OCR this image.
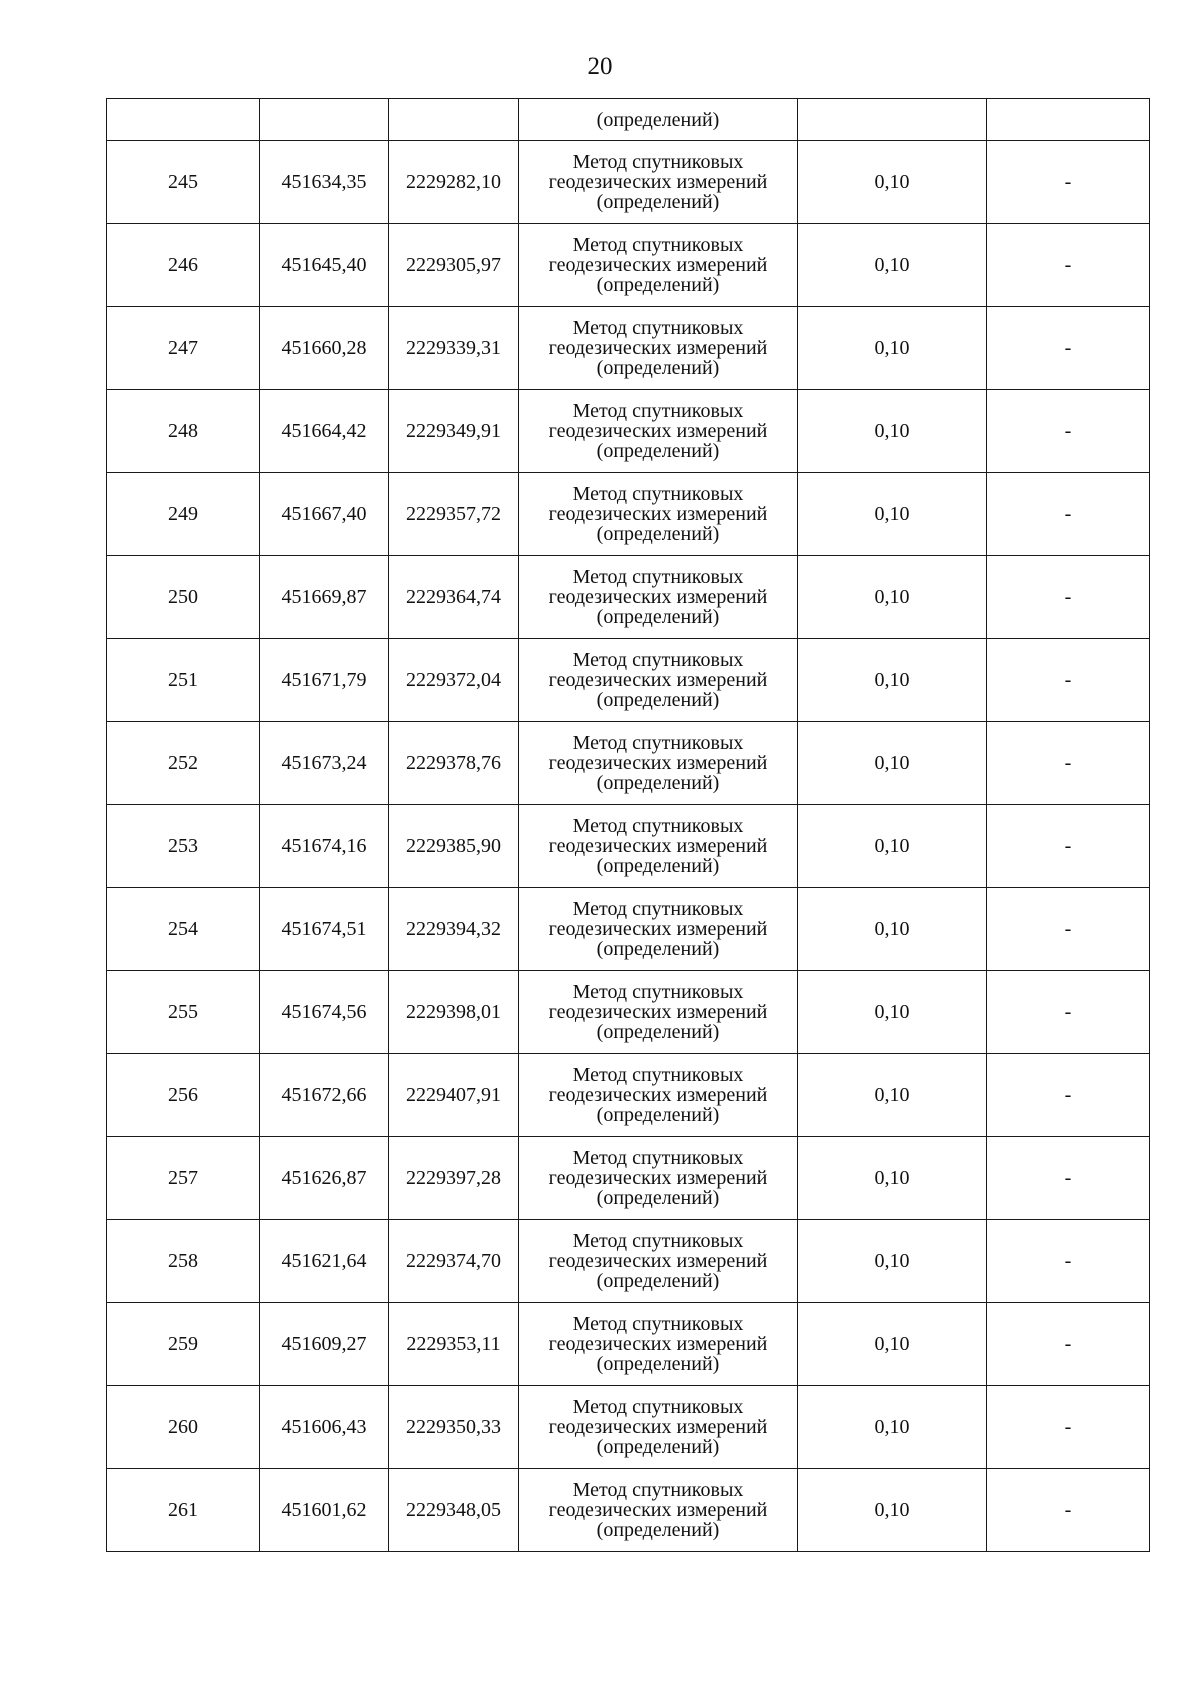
20
			(определений)		
245	451634,35	2229282,10	Метод спутниковых
геодезических измерений
(определений)	0,10	-
246	451645,40	2229305,97	Метод спутниковых
геодезических измерений
(определений)	0,10	-
247	451660,28	2229339,31	Метод спутниковых
геодезических измерений
(определений)	0,10	-
248	451664,42	2229349,91	Метод спутниковых
геодезических измерений
(определений)	0,10	-
249	451667,40	2229357,72	Метод спутниковых
геодезических измерений
(определений)	0,10	-
250	451669,87	2229364,74	Метод спутниковых
геодезических измерений
(определений)	0,10	-
251	451671,79	2229372,04	Метод спутниковых
геодезических измерений
(определений)	0,10	-
252	451673,24	2229378,76	Метод спутниковых
геодезических измерений
(определений)	0,10	-
253	451674,16	2229385,90	Метод спутниковых
геодезических измерений
(определений)	0,10	-
254	451674,51	2229394,32	Метод спутниковых
геодезических измерений
(определений)	0,10	-
255	451674,56	2229398,01	Метод спутниковых
геодезических измерений
(определений)	0,10	-
256	451672,66	2229407,91	Метод спутниковых
геодезических измерений
(определений)	0,10	-
257	451626,87	2229397,28	Метод спутниковых
геодезических измерений
(определений)	0,10	-
258	451621,64	2229374,70	Метод спутниковых
геодезических измерений
(определений)	0,10	-
259	451609,27	2229353,11	Метод спутниковых
геодезических измерений
(определений)	0,10	-
260	451606,43	2229350,33	Метод спутниковых
геодезических измерений
(определений)	0,10	-
261	451601,62	2229348,05	Метод спутниковых
геодезических измерений
(определений)	0,10	-
